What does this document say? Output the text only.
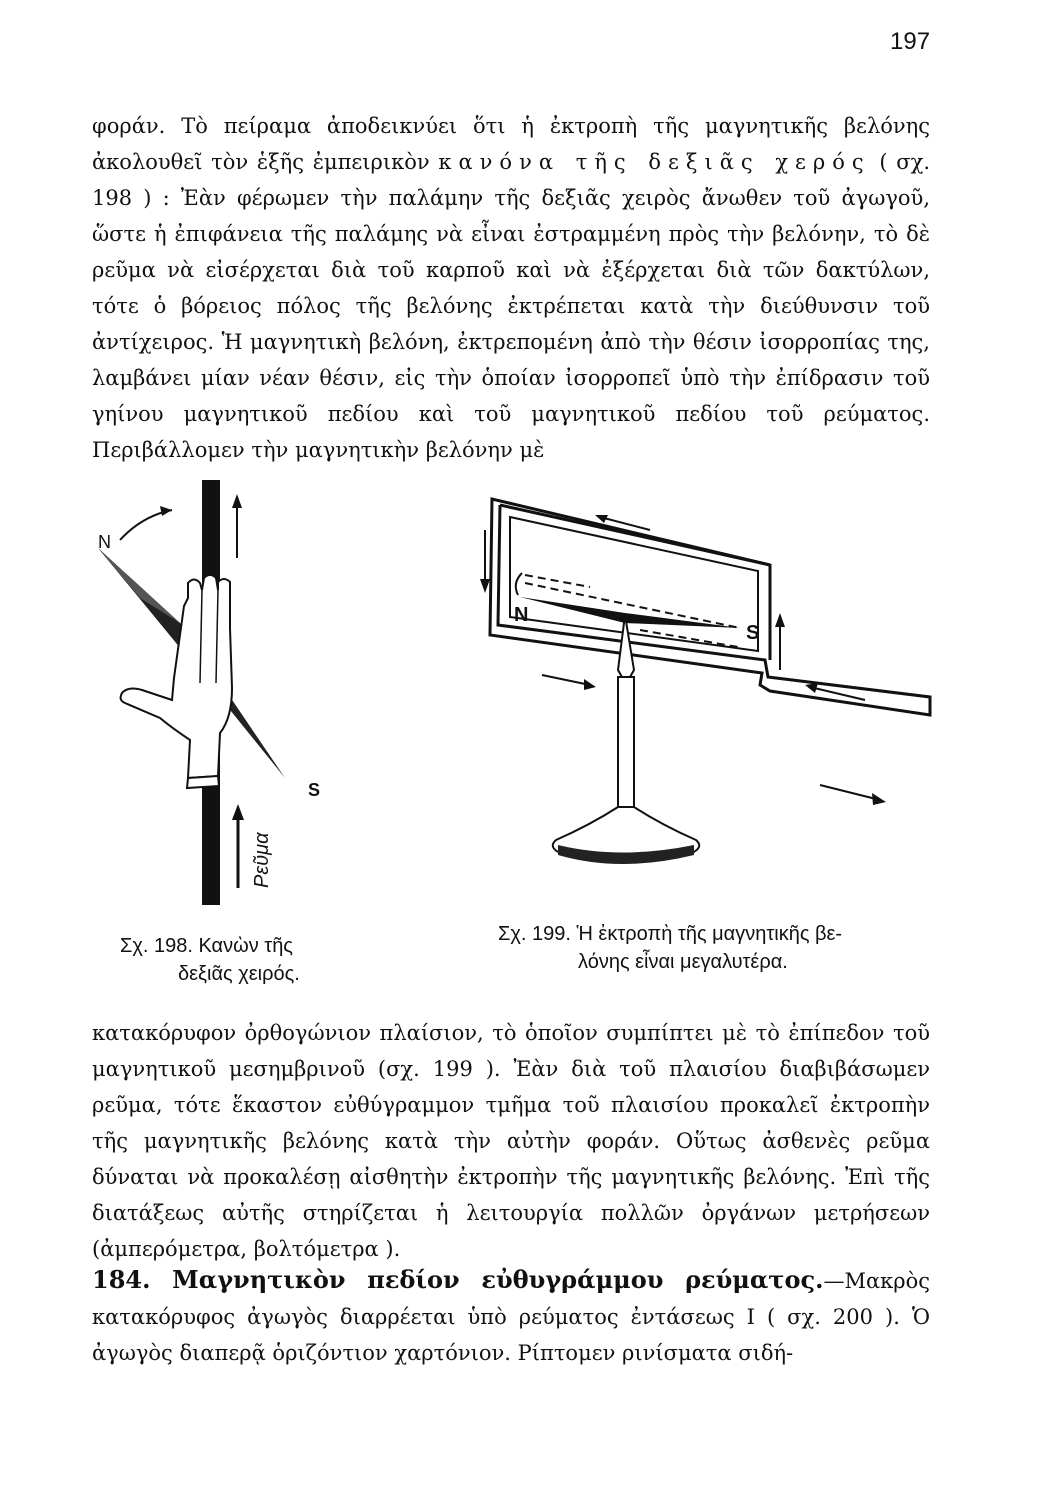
197

φοράν. Τὸ πείραμα ἀποδεικνύει ὅτι ἡ ἐκτροπὴ τῆς μαγνητικῆς βελόνης ἀκολουθεῖ τὸν ἑξῆς ἐμπειρικὸν κανόνα τῆς δεξιᾶς χερός ( σχ. 198 ) : Ἐὰν φέρωμεν τὴν παλάμην τῆς δεξιᾶς χειρὸς ἄνωθεν τοῦ ἀγωγοῦ, ὥστε ἡ ἐπιφάνεια τῆς παλάμης νὰ εἶναι ἐστραμμένη πρὸς τὴν βελόνην, τὸ δὲ ρεῦμα νὰ εἰσέρχεται διὰ τοῦ καρποῦ καὶ νὰ ἐξέρχεται διὰ τῶν δακτύλων, τότε ὁ βόρειος πόλος τῆς βελόνης ἐκτρέπεται κατὰ τὴν διεύθυνσιν τοῦ ἀντίχειρος. Ἡ μαγνητικὴ βελόνη, ἐκτρεπομένη ἀπὸ τὴν θέσιν ἰσορροπίας της, λαμβάνει μίαν νέαν θέσιν, εἰς τὴν ὁποίαν ἰσορροπεῖ ὑπὸ τὴν ἐπίδρασιν τοῦ γηίνου μαγνητικοῦ πεδίου καὶ τοῦ μαγνητικοῦ πεδίου τοῦ ρεύματος. Περιβάλλομεν τὴν μαγνητικὴν βελόνην μὲ

N
S
Ρεῦμα
Σχ. 198. Κανὼν τῆς
δεξιᾶς χειρός.
N
S
Σχ. 199. Ἡ ἐκτροπὴ τῆς μαγνητικῆς βε-
λόνης εἶναι μεγαλυτέρα.

κατακόρυφον ὀρθογώνιον πλαίσιον, τὸ ὁποῖον συμπίπτει μὲ τὸ ἐπίπεδον τοῦ μαγνητικοῦ μεσημβρινοῦ (σχ. 199 ). Ἐὰν διὰ τοῦ πλαισίου διαβιβάσωμεν ρεῦμα, τότε ἕκαστον εὐθύγραμμον τμῆμα τοῦ πλαισίου προκαλεῖ ἐκτροπὴν τῆς μαγνητικῆς βελόνης κατὰ τὴν αὐτὴν φοράν. Οὕτως ἀσθενὲς ρεῦμα δύναται νὰ προκαλέσῃ αἰσθητὴν ἐκτροπὴν τῆς μαγνητικῆς βελόνης. Ἐπὶ τῆς διατάξεως αὐτῆς στηρίζεται ἡ λειτουργία πολλῶν ὀργάνων μετρήσεων (ἀμπερόμετρα, βολτόμετρα ).

184. Μαγνητικὸν πεδίον εὐθυγράμμου ρεύματος.—Μακρὸς κατακόρυφος ἀγωγὸς διαρρέεται ὑπὸ ρεύματος ἐντάσεως Ι ( σχ. 200 ). Ὁ ἀγωγὸς διαπερᾷ ὁριζόντιον χαρτόνιον. Ρίπτομεν ρινίσματα σιδή-
